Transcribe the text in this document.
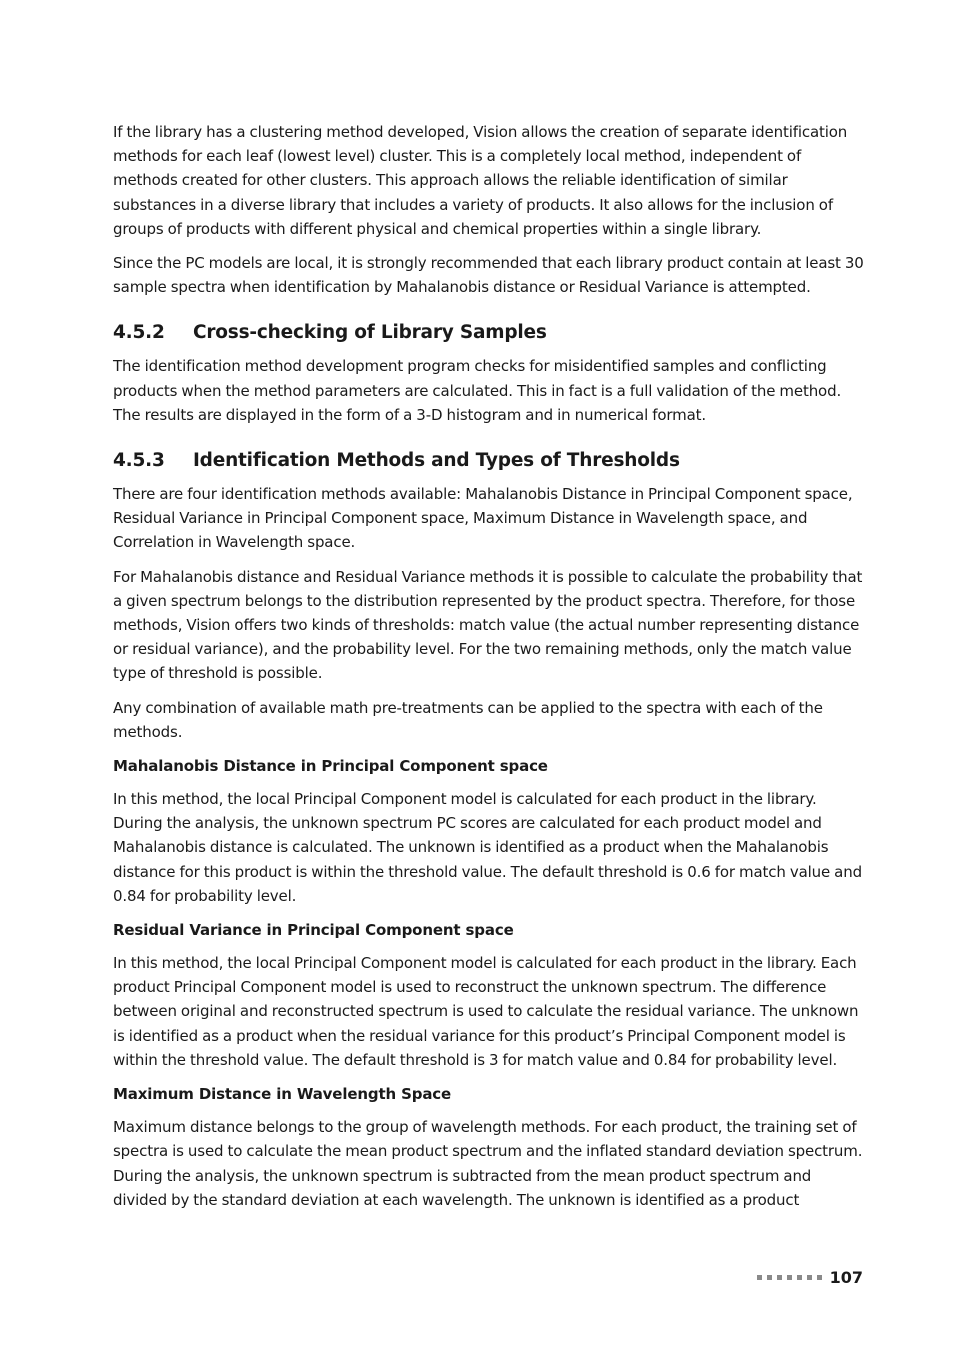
If the library has a clustering method developed, Vision allows the creation of separate identification methods for each leaf (lowest level) cluster. This is a completely local method, independent of methods created for other clusters. This approach allows the reliable identification of similar substances in a diverse library that includes a variety of products. It also allows for the inclusion of groups of products with different physical and chemical properties within a single library.

Since the PC models are local, it is strongly recommended that each library product contain at least 30 sample spectra when identification by Mahalanobis distance or Residual Variance is attempted.

4.5.2	Cross-checking of Library Samples

The identification method development program checks for misidentified samples and conflicting products when the method parameters are calculated. This in fact is a full validation of the method. The results are displayed in the form of a 3-D histogram and in numerical format.

4.5.3	Identification Methods and Types of Thresholds

There are four identification methods available: Mahalanobis Distance in Principal Component space, Residual Variance in Principal Component space, Maximum Distance in Wavelength space, and Correlation in Wavelength space.

For Mahalanobis distance and Residual Variance methods it is possible to calculate the probability that a given spectrum belongs to the distribution represented by the product spectra. Therefore, for those methods, Vision offers two kinds of thresholds: match value (the actual number representing distance or residual variance), and the probability level. For the two remaining methods, only the match value type of threshold is possible.

Any combination of available math pre-treatments can be applied to the spectra with each of the methods.

Mahalanobis Distance in Principal Component space

In this method, the local Principal Component model is calculated for each product in the library. During the analysis, the unknown spectrum PC scores are calculated for each product model and Mahalanobis distance is calculated. The unknown is identified as a product when the Mahalanobis distance for this product is within the threshold value. The default threshold is 0.6 for match value and 0.84 for probability level.

Residual Variance in Principal Component space

In this method, the local Principal Component model is calculated for each product in the library. Each product Principal Component model is used to reconstruct the unknown spectrum. The difference between original and reconstructed spectrum is used to calculate the residual variance. The unknown is identified as a product when the residual variance for this product’s Principal Component model is within the threshold value. The default threshold is 3 for match value and 0.84 for probability level.

Maximum Distance in Wavelength Space

Maximum distance belongs to the group of wavelength methods. For each product, the training set of spectra is used to calculate the mean product spectrum and the inflated standard deviation spectrum. During the analysis, the unknown spectrum is subtracted from the mean product spectrum and divided by the standard deviation at each wavelength. The unknown is identified as a product

107
